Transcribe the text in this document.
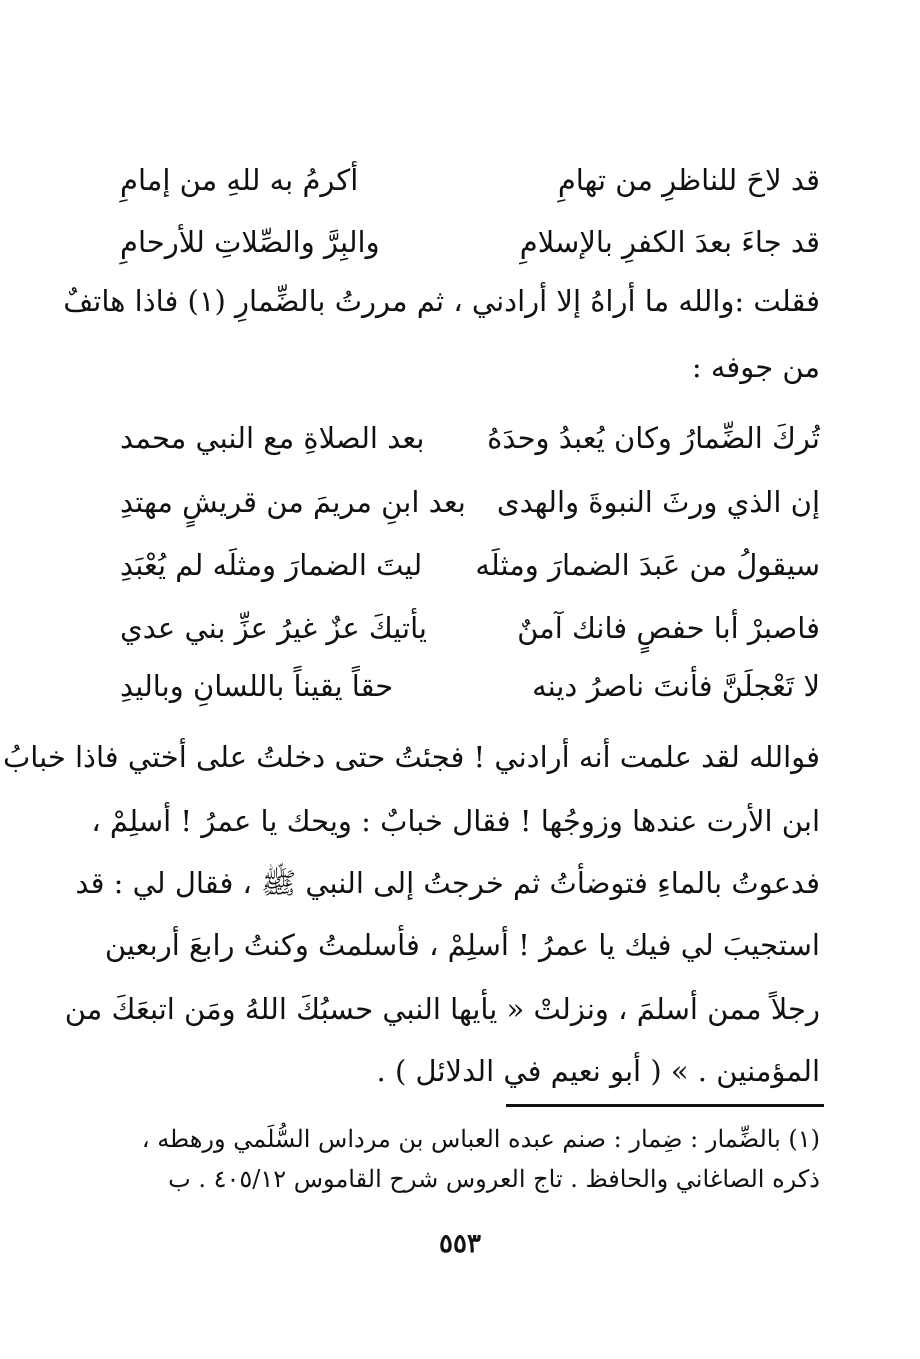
قد لاحَ للناظرِ من تهامِ
أكرمُ به للهِ من إمامِ
قد جاءَ بعدَ الكفرِ بالإسلامِ
والبِرَّ والصِّلاتِ للأرحامِ
فقلت :والله ما أراهُ إلا أرادني ، ثم مررتُ بالضِّمارِ (١) فاذا هاتفٌ
من جوفه :
تُركَ الضِّمارُ وكان يُعبدُ وحدَهُ
بعد الصلاةِ مع النبي محمد
إن الذي ورثَ النبوةَ والهدى
بعد ابنِ مريمَ من قريشٍ مهتدِ
سيقولُ من عَبدَ الضمارَ ومثلَه
ليتَ الضمارَ ومثلَه لم يُعْبَدِ
فاصبرْ أبا حفصٍ فانك آمنٌ
يأتيكَ عزٌ غيرُ عزِّ بني عدي
لا تَعْجلَنَّ فأنتَ ناصرُ دينه
حقاً يقيناً باللسانِ وباليدِ
فوالله لقد علمت أنه أرادني ! فجئتُ حتى دخلتُ على أختي فاذا خبابُ
ابن الأرت عندها وزوجُها ! فقال خبابٌ : ويحك يا عمرُ ! أسلِمْ ،
فدعوتُ بالماءِ فتوضأتُ ثم خرجتُ إلى النبي ﷺ ، فقال لي : قد
استجيبَ لي فيك يا عمرُ ! أسلِمْ ، فأسلمتُ وكنتُ رابعَ أربعين
رجلاً ممن أسلمَ ، ونزلتْ « يأيها النبي حسبُكَ اللهُ ومَن اتبعَكَ من
المؤمنين . » ( أبو نعيم في الدلائل ) .
(١) بالضِّمار : ضِمار : صنم عبده العباس بن مرداس السُّلَمي ورهطه ،
ذكره الصاغاني والحافظ . تاج العروس شرح القاموس ٤٠٥/١٢ . ب
٥٥٣
